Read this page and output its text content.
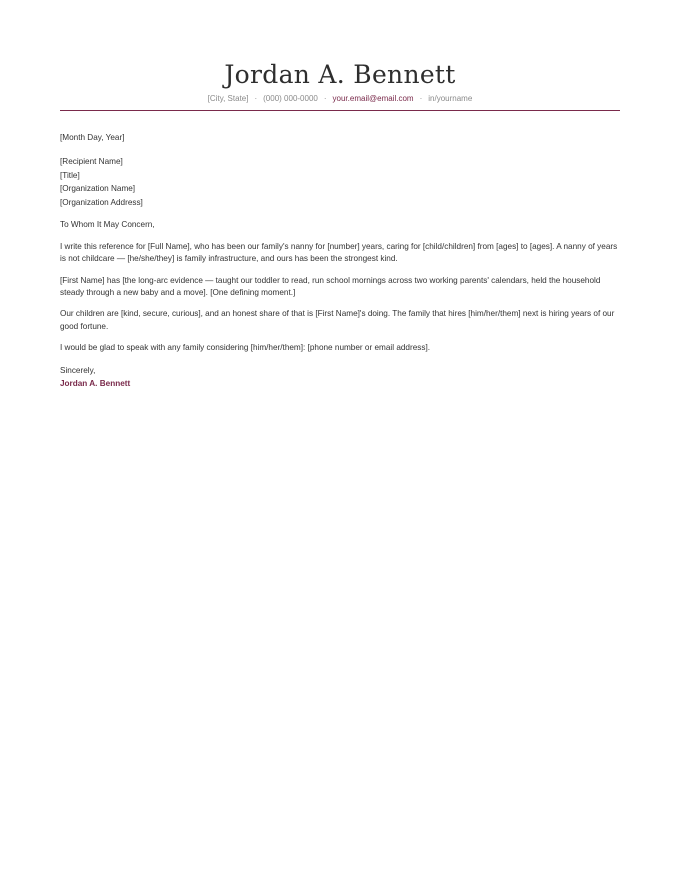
Jordan A. Bennett
[City, State] · (000) 000-0000 · your.email@email.com · in/yourname
[Month Day, Year]
[Recipient Name]
[Title]
[Organization Name]
[Organization Address]
To Whom It May Concern,
I write this reference for [Full Name], who has been our family's nanny for [number] years, caring for [child/children] from [ages] to [ages]. A nanny of years is not childcare — [he/she/they] is family infrastructure, and ours has been the strongest kind.
[First Name] has [the long-arc evidence — taught our toddler to read, run school mornings across two working parents' calendars, held the household steady through a new baby and a move]. [One defining moment.]
Our children are [kind, secure, curious], and an honest share of that is [First Name]'s doing. The family that hires [him/her/them] next is hiring years of our good fortune.
I would be glad to speak with any family considering [him/her/them]: [phone number or email address].
Sincerely,
Jordan A. Bennett
